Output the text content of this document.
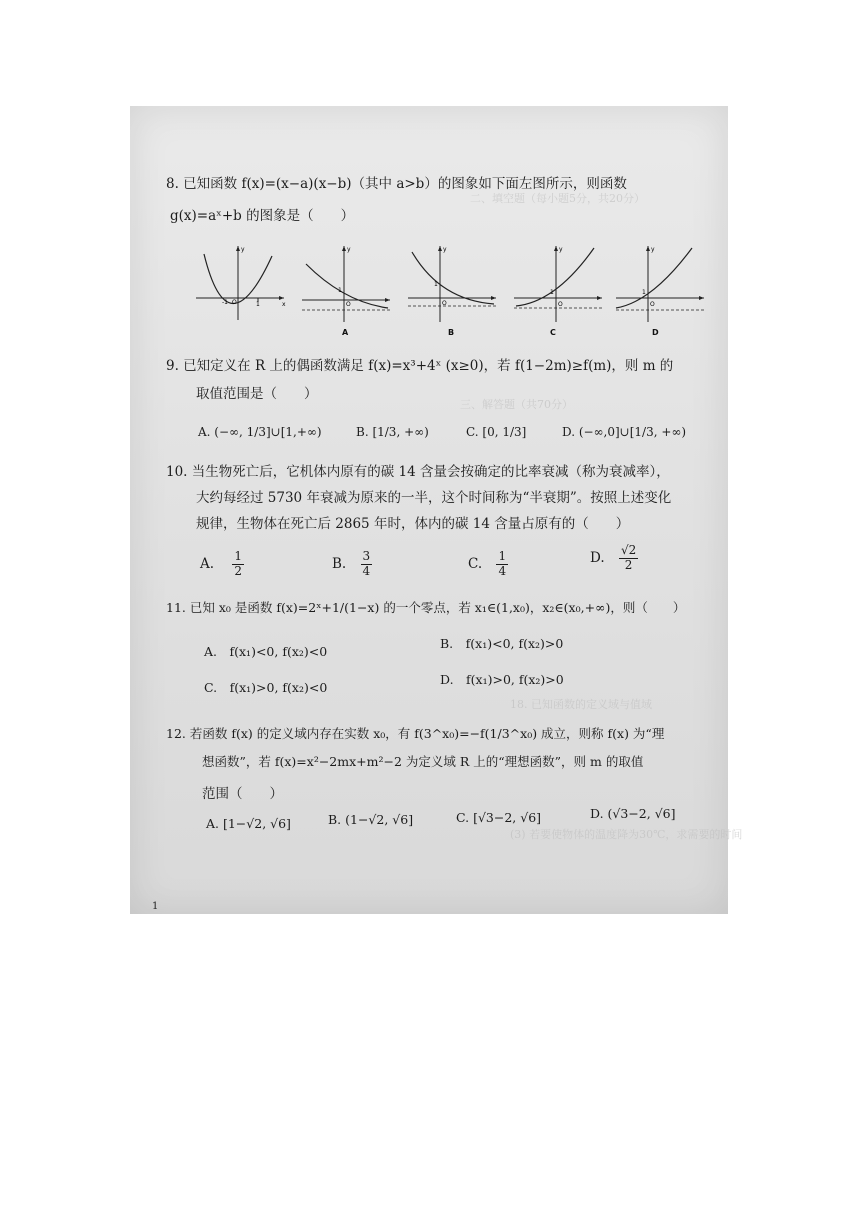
二、填空题（每小题5分，共20分）
三、解答题（共70分）
18. 已知函数的定义域与值域
(3) 若要使物体的温度降为30℃，求需要的时间
8. 已知函数 f(x)=(x−a)(x−b)（其中 a>b）的图象如下面左图所示，则函数
g(x)=aˣ+b 的图象是（　　）
-1 O	1
y
x
1
O
y
A
1
O
y
B
1
O
y
C
1
O
y
D
9. 已知定义在 R 上的偶函数满足 f(x)=x³+4ˣ (x≥0)，若 f(1−2m)≥f(m)，则 m 的
取值范围是（　　）
A. (−∞, 1/3]∪[1,+∞)	B. [1/3, +∞)	C. [0, 1/3]	D. (−∞,0]∪[1/3, +∞)
10. 当生物死亡后，它机体内原有的碳 14 含量会按确定的比率衰减（称为衰减率），
大约每经过 5730 年衰减为原来的一半，这个时间称为“半衰期”。按照上述变化
规律，生物体在死亡后 2865 年时，体内的碳 14 含量占原有的（　　）
A. $\frac{1}{2}$	B. $\frac{3}{4}$	C. $\frac{1}{4}$	D. $\frac{√2}{2}$
11. 已知 x₀ 是函数 f(x)=2ˣ+1/(1−x) 的一个零点，若 x₁∈(1,x₀)，x₂∈(x₀,+∞)，则（　　）
A.　f(x₁)<0, f(x₂)<0
B.　f(x₁)<0, f(x₂)>0
C.　f(x₁)>0, f(x₂)<0
D.　f(x₁)>0, f(x₂)>0
12. 若函数 f(x) 的定义域内存在实数 x₀，有 f(3^x₀)=−f(1/3^x₀) 成立，则称 f(x) 为“理
想函数”，若 f(x)=x²−2mx+m²−2 为定义域 R 上的“理想函数”，则 m 的取值
范围（　　）
A. [1−√2, √6]	B. (1−√2, √6]	C. [√3−2, √6]	D. (√3−2, √6]
1
